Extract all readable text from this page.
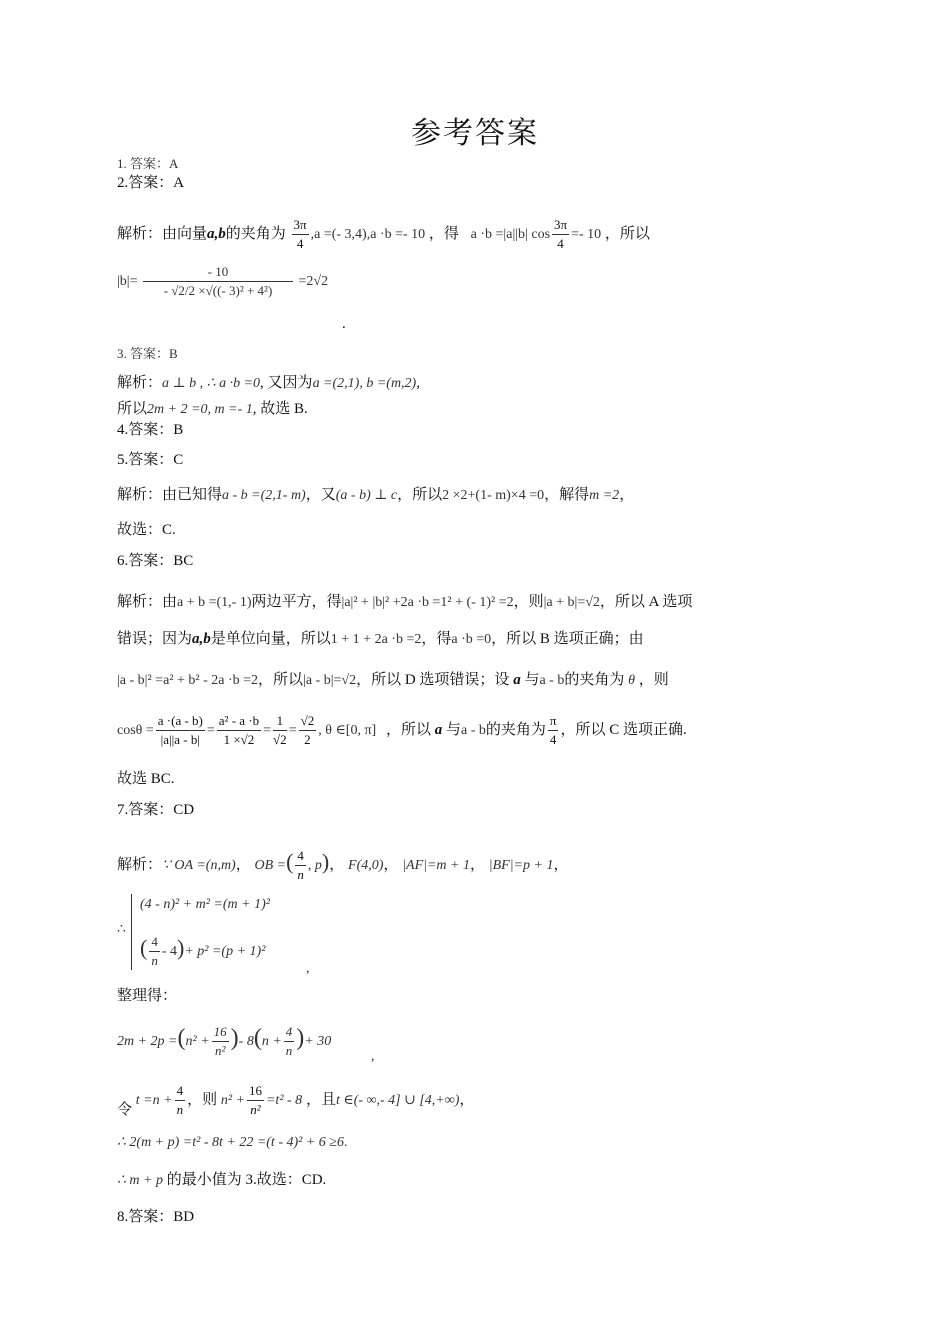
参考答案
1. 答案：A
2.答案：A
解析：由向量a,b的夹角为 $\frac{3\pi}{4} ,a$ =(- 3,4),a ·b =- 10 ，得 a ·b =|a||b| $\cos \frac{3\pi}{4} =- 10$ ，所以
$|b|= \frac{- 10}{\text{- √2/2 ×√((- 3)² + 4²)}} =2√2$
.
3. 答案：B
解析：a ⊥ b , ∴ a ·b =0, 又因为a =(2,1), b =(m,2),
所以2m + 2 =0, m =- 1, 故选 B.
4.答案：B
5.答案：C
解析：由已知得a - b =(2,1- m)，又(a - b) ⊥ c，所以2 ×2+(1- m)×4 =0，解得m =2，
故选：C.
6.答案：BC
解析：由a + b =(1,- 1)两边平方，得|a|² + |b|² +2a ·b =1² + (- 1)² =2，则|a + b|=√2，所以 A 选项
错误；因为a,b是单位向量，所以1 + 1 + 2a ·b =2，得a ·b =0，所以 B 选项正确；由
|a - b|² =a² + b² - 2a ·b =2，所以|a - b|=√2，所以 D 选项错误；设 a 与a - b的夹角为 θ ，则
$\cos\theta = \frac{a \cdot(a - b)}{|a||a - b|} = \frac{\text{a² - a ·b}}{1 \times√2} = \frac{1}{√2} = \frac{√2}{2}$ , θ ∈[0, π] ，所以 a 与a - b的夹角为 $\frac{\pi}{4}$ ，所以 C 选项正确.
故选 BC.
7.答案：CD
解析：∵ OA =(n,m)， OB =( $\frac{4}{n}$ , p)， F(4,0)， |AF|=m + 1， |BF|=p + 1，
∴
(4 - n)² + m² =(m + 1)²
( $\frac{4}{n} - 4)+ p^2 =(p + 1)^2$
,
整理得：
$2m + 2p =(n^2 + \frac{16}{\text{n²}}$ )- $8(n + \frac{4}{n}$ )+ 30
,
令 $t =n + \frac{4}{n}$ ，则 $n^2 + \frac{16}{\text{n²}} =t^2 - 8$ ，且t ∈(- ∞,- 4] ∪ [4,+∞)，
∴ 2(m + p) =t² - 8t + 22 =(t - 4)² + 6 ≥6.
∴ m + p 的最小值为 3.故选：CD.
8.答案：BD
